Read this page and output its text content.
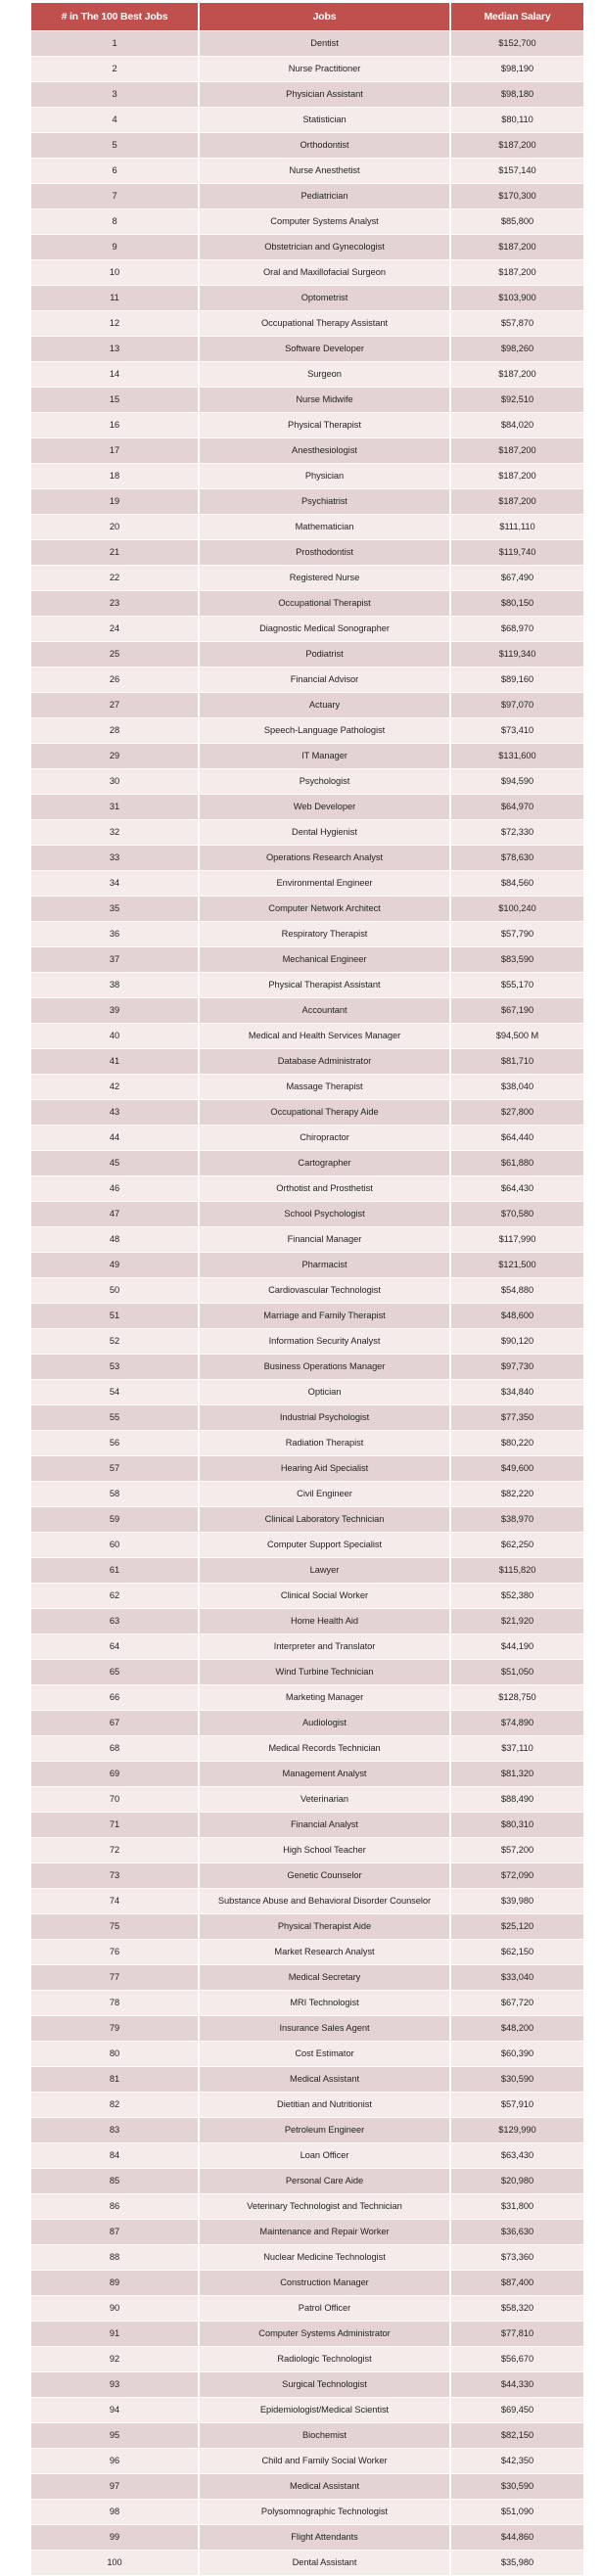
# in The 100 Best Jobs	Jobs	Median Salary
1	Dentist	$152,700
2	Nurse Practitioner	$98,190
3	Physician Assistant	$98,180
4	Statistician	$80,110
5	Orthodontist	$187,200
6	Nurse Anesthetist	$157,140
7	Pediatrician	$170,300
8	Computer Systems Analyst	$85,800
9	Obstetrician and Gynecologist	$187,200
10	Oral and Maxillofacial Surgeon	$187,200
11	Optometrist	$103,900
12	Occupational Therapy Assistant	$57,870
13	Software Developer	$98,260
14	Surgeon	$187,200
15	Nurse Midwife	$92,510
16	Physical Therapist	$84,020
17	Anesthesiologist	$187,200
18	Physician	$187,200
19	Psychiatrist	$187,200
20	Mathematician	$111,110
21	Prosthodontist	$119,740
22	Registered Nurse	$67,490
23	Occupational Therapist	$80,150
24	Diagnostic Medical Sonographer	$68,970
25	Podiatrist	$119,340
26	Financial Advisor	$89,160
27	Actuary	$97,070
28	Speech-Language Pathologist	$73,410
29	IT Manager	$131,600
30	Psychologist	$94,590
31	Web Developer	$64,970
32	Dental Hygienist	$72,330
33	Operations Research Analyst	$78,630
34	Environmental Engineer	$84,560
35	Computer Network Architect	$100,240
36	Respiratory Therapist	$57,790
37	Mechanical Engineer	$83,590
38	Physical Therapist Assistant	$55,170
39	Accountant	$67,190
40	Medical and Health Services Manager	$94,500 M
41	Database Administrator	$81,710
42	Massage Therapist	$38,040
43	Occupational Therapy Aide	$27,800
44	Chiropractor	$64,440
45	Cartographer	$61,880
46	Orthotist and Prosthetist	$64,430
47	School Psychologist	$70,580
48	Financial Manager	$117,990
49	Pharmacist	$121,500
50	Cardiovascular Technologist	$54,880
51	Marriage and Family Therapist	$48,600
52	Information Security Analyst	$90,120
53	Business Operations Manager	$97,730
54	Optician	$34,840
55	Industrial Psychologist	$77,350
56	Radiation Therapist	$80,220
57	Hearing Aid Specialist	$49,600
58	Civil Engineer	$82,220
59	Clinical Laboratory Technician	$38,970
60	Computer Support Specialist	$62,250
61	Lawyer	$115,820
62	Clinical Social Worker	$52,380
63	Home Health Aid	$21,920
64	Interpreter and Translator	$44,190
65	Wind Turbine Technician	$51,050
66	Marketing Manager	$128,750
67	Audiologist	$74,890
68	Medical Records Technician	$37,110
69	Management Analyst	$81,320
70	Veterinarian	$88,490
71	Financial Analyst	$80,310
72	High School Teacher	$57,200
73	Genetic Counselor	$72,090
74	Substance Abuse and Behavioral Disorder Counselor	$39,980
75	Physical Therapist Aide	$25,120
76	Market Research Analyst	$62,150
77	Medical Secretary	$33,040
78	MRI Technologist	$67,720
79	Insurance Sales Agent	$48,200
80	Cost Estimator	$60,390
81	Medical Assistant	$30,590
82	Dietitian and Nutritionist	$57,910
83	Petroleum Engineer	$129,990
84	Loan Officer	$63,430
85	Personal Care Aide	$20,980
86	Veterinary Technologist and Technician	$31,800
87	Maintenance and Repair Worker	$36,630
88	Nuclear Medicine Technologist	$73,360
89	Construction Manager	$87,400
90	Patrol Officer	$58,320
91	Computer Systems Administrator	$77,810
92	Radiologic Technologist	$56,670
93	Surgical Technologist	$44,330
94	Epidemiologist/Medical Scientist	$69,450
95	Biochemist	$82,150
96	Child and Family Social Worker	$42,350
97	Medical Assistant	$30,590
98	Polysomnographic Technologist	$51,090
99	Flight Attendants	$44,860
100	Dental Assistant	$35,980
